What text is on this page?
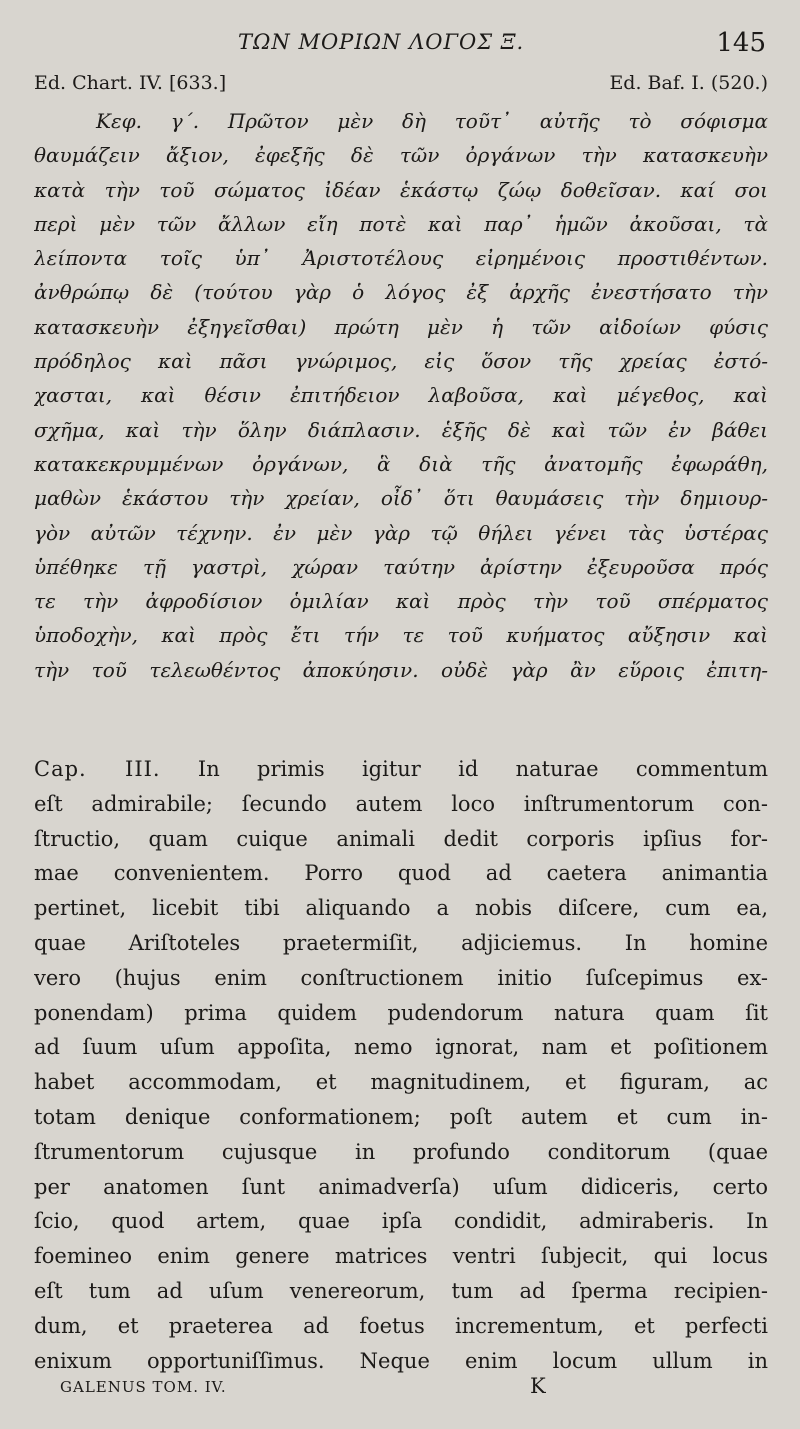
ΤΩΝ ΜΟΡΙΩΝ ΛΟΓΟΣ Ξ.	145
Ed. Chart. IV. [633.]	Ed. Baf. I. (520.)
Κεφ. γ΄. Πρῶτον μὲν δὴ τοῦτ᾿ αὐτῆς τὸ σόφισμα
θαυμάζειν ἄξιον, ἐφεξῆς δὲ τῶν ὀργάνων τὴν κατασκευὴν
κατὰ τὴν τοῦ σώματος ἰδέαν ἑκάστῳ ζώῳ δοθεῖσαν. καί σοι
περὶ μὲν τῶν ἄλλων εἴη ποτὲ καὶ παρ᾿ ἡμῶν ἀκοῦσαι, τὰ
λείποντα τοῖς ὑπ᾿ Ἀριστοτέλους εἰρημένοις προστιθέντων.
ἀνθρώπῳ δὲ (τούτου γὰρ ὁ λόγος ἐξ ἀρχῆς ἐνεστήσατο τὴν
κατασκευὴν ἐξηγεῖσθαι) πρώτη μὲν ἡ τῶν αἰδοίων φύσις
πρόδηλος καὶ πᾶσι γνώριμος, εἰς ὅσον τῆς χρείας ἐστό-
χασται, καὶ θέσιν ἐπιτήδειον λαβοῦσα, καὶ μέγεθος, καὶ
σχῆμα, καὶ τὴν ὅλην διάπλασιν. ἑξῆς δὲ καὶ τῶν ἐν βάθει
κατακεκρυμμένων ὀργάνων, ἃ διὰ τῆς ἀνατομῆς ἐφωράθη,
μαθὼν ἑκάστου τὴν χρείαν, οἶδ᾿ ὅτι θαυμάσεις τὴν δημιουρ-
γὸν αὐτῶν τέχνην. ἐν μὲν γὰρ τῷ θήλει γένει τὰς ὑστέρας
ὑπέθηκε τῇ γαστρὶ, χώραν ταύτην ἀρίστην ἐξευροῦσα πρός
τε τὴν ἀφροδίσιον ὁμιλίαν καὶ πρὸς τὴν τοῦ σπέρματος
ὑποδοχὴν, καὶ πρὸς ἔτι τήν τε τοῦ κυήματος αὔξησιν καὶ
τὴν τοῦ τελεωθέντος ἀποκύησιν. οὐδὲ γὰρ ἂν εὕροις ἐπιτη-
Cap. III. In primis igitur id naturae commentum
eſt admirabile; ſecundo autem loco inſtrumentorum con-
ſtructio, quam cuique animali dedit corporis ipſius for-
mae convenientem. Porro quod ad caetera animantia
pertinet, licebit tibi aliquando a nobis diſcere, cum ea,
quae Ariſtoteles praetermiſit, adjiciemus. In homine
vero (hujus enim conſtructionem initio ſuſcepimus ex-
ponendam) prima quidem pudendorum natura quam ſit
ad ſuum uſum appoſita, nemo ignorat, nam et poſitionem
habet accommodam, et magnitudinem, et figuram, ac
totam denique conformationem; poſt autem et cum in-
ſtrumentorum cujusque in profundo conditorum (quae
per anatomen ſunt animadverſa) uſum didiceris, certo
ſcio, quod artem, quae ipſa condidit, admiraberis. In
foemineo enim genere matrices ventri ſubjecit, qui locus
eſt tum ad uſum venereorum, tum ad ſperma recipien-
dum, et praeterea ad foetus incrementum, et perfecti
enixum opportuniſſimus. Neque enim locum ullum in
GALENUS TOM. IV.	K
